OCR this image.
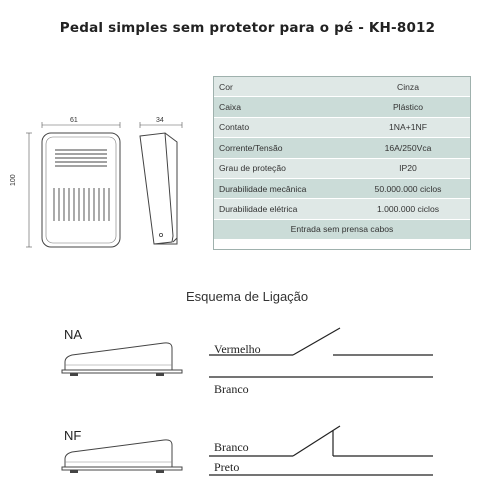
Pedal simples sem protetor para o pé - KH-8012
61
100
34
Cor	Cinza
Caixa	Plástico
Contato	1NA+1NF
Corrente/Tensão	16A/250Vca
Grau de proteção	IP20
Durabilidade mecânica	50.000.000 ciclos
Durabilidade elétrica	1.000.000 ciclos
Entrada sem prensa cabos	
Esquema de Ligação
NA
Vermelho
Branco
NF
Branco
Preto
